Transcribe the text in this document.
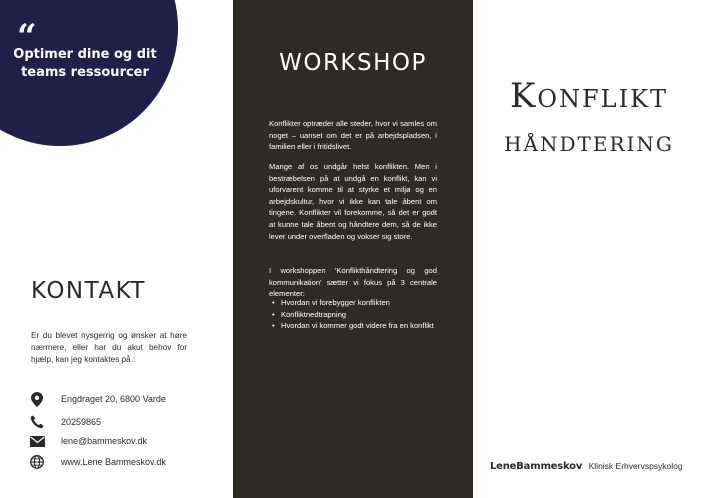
“
Optimer dine og dit teams ressourcer
KONTAKT

Er du blevet nysgerrig og ønsker at høre nærmere, eller har du akut behov for hjælp, kan jeg kontaktes på :

Engdraget 20, 6800 Varde
20259865
lene@bammeskov.dk
www.Lene Bammeskov.dk
WORKSHOP

Konflikter optræder alle steder, hvor vi samles om noget – uanset om det er på arbejdspladsen, i familien eller i fritidslivet.

Mange af os undgår helst konflikten. Men i bestræbelsen på at undgå en konflikt, kan vi uforvarent komme til at styrke et miljø og en arbejdskultur, hvor vi ikke kan tale åbent om tingene. Konflikter vil forekomme, så det er godt at kunne tale åbent og håndtere dem, så de ikke lever under overfladen og vokser sig store.

I workshoppen 'Konflikthåndtering og god kommunikation' sætter vi fokus på 3 centrale elementer:

• Hvordan vi forebygger konflikten
• Konfliktnedtrapning
• Hvordan vi kommer godt videre fra en konflikt
Konflikt
HÅNDTERING
LeneBammeskov Klinisk Erhvervspsykolog
